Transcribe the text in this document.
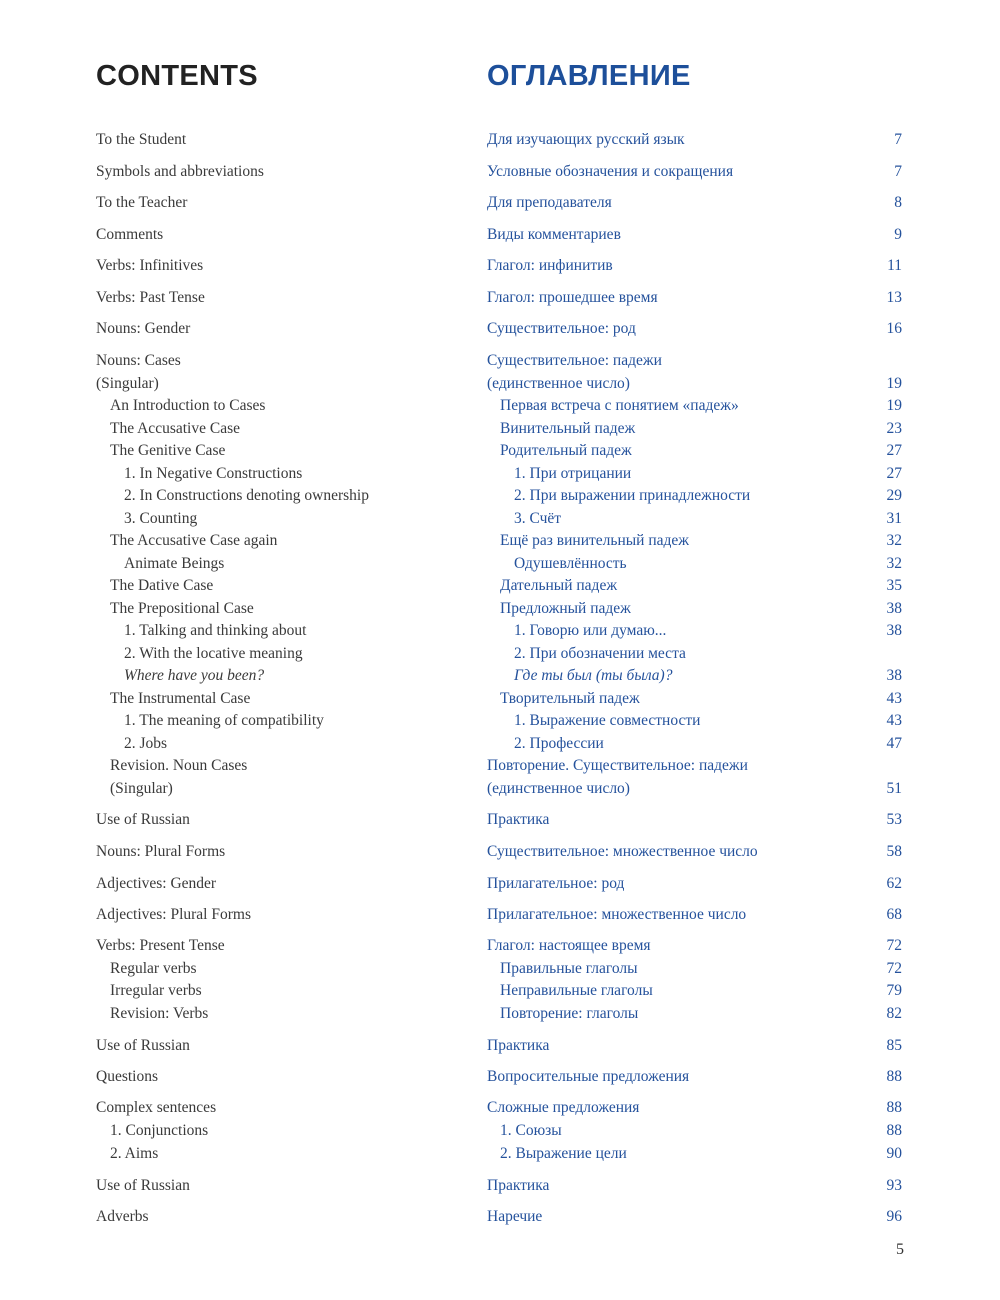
CONTENTS	ОГЛАВЛЕНИЕ
To the Student	Для изучающих русский язык	7
Symbols and abbreviations	Условные обозначения и сокращения	7
To the Teacher	Для преподавателя	8
Comments	Виды комментариев	9
Verbs: Infinitives	Глагол: инфинитив	11
Verbs: Past Tense	Глагол: прошедшее время	13
Nouns: Gender	Существительное: род	16
Nouns: Cases	Существительное: падежи
(Singular)	(единственное число)	19
An Introduction to Cases	Первая встреча с понятием «падеж»	19
The Accusative Case	Винительный падеж	23
The Genitive Case	Родительный падеж	27
1. In Negative Constructions	1. При отрицании	27
2. In Constructions denoting ownership	2. При выражении принадлежности	29
3. Counting	3. Счёт	31
The Accusative Case again	Ещё раз винительный падеж	32
Animate Beings	Одушевлённость	32
The Dative Case	Дательный падеж	35
The Prepositional Case	Предложный падеж	38
1. Talking and thinking about	1. Говорю или думаю...	38
2. With the locative meaning	2. При обозначении места
Where have you been?	Где ты был (ты была)?	38
The Instrumental Case	Творительный падеж	43
1. The meaning of compatibility	1. Выражение совместности	43
2. Jobs	2. Профессии	47
Revision. Noun Cases	Повторение. Существительное: падежи
(Singular)	(единственное число)	51
Use of Russian	Практика	53
Nouns: Plural Forms	Существительное: множественное число	58
Adjectives: Gender	Прилагательное: род	62
Adjectives: Plural Forms	Прилагательное: множественное число	68
Verbs: Present Tense	Глагол: настоящее время	72
Regular verbs	Правильные глаголы	72
Irregular verbs	Неправильные глаголы	79
Revision: Verbs	Повторение: глаголы	82
Use of Russian	Практика	85
Questions	Вопросительные предложения	88
Complex sentences	Сложные предложения	88
1. Conjunctions	1. Союзы	88
2. Aims	2. Выражение цели	90
Use of Russian	Практика	93
Adverbs	Наречие	96
5
